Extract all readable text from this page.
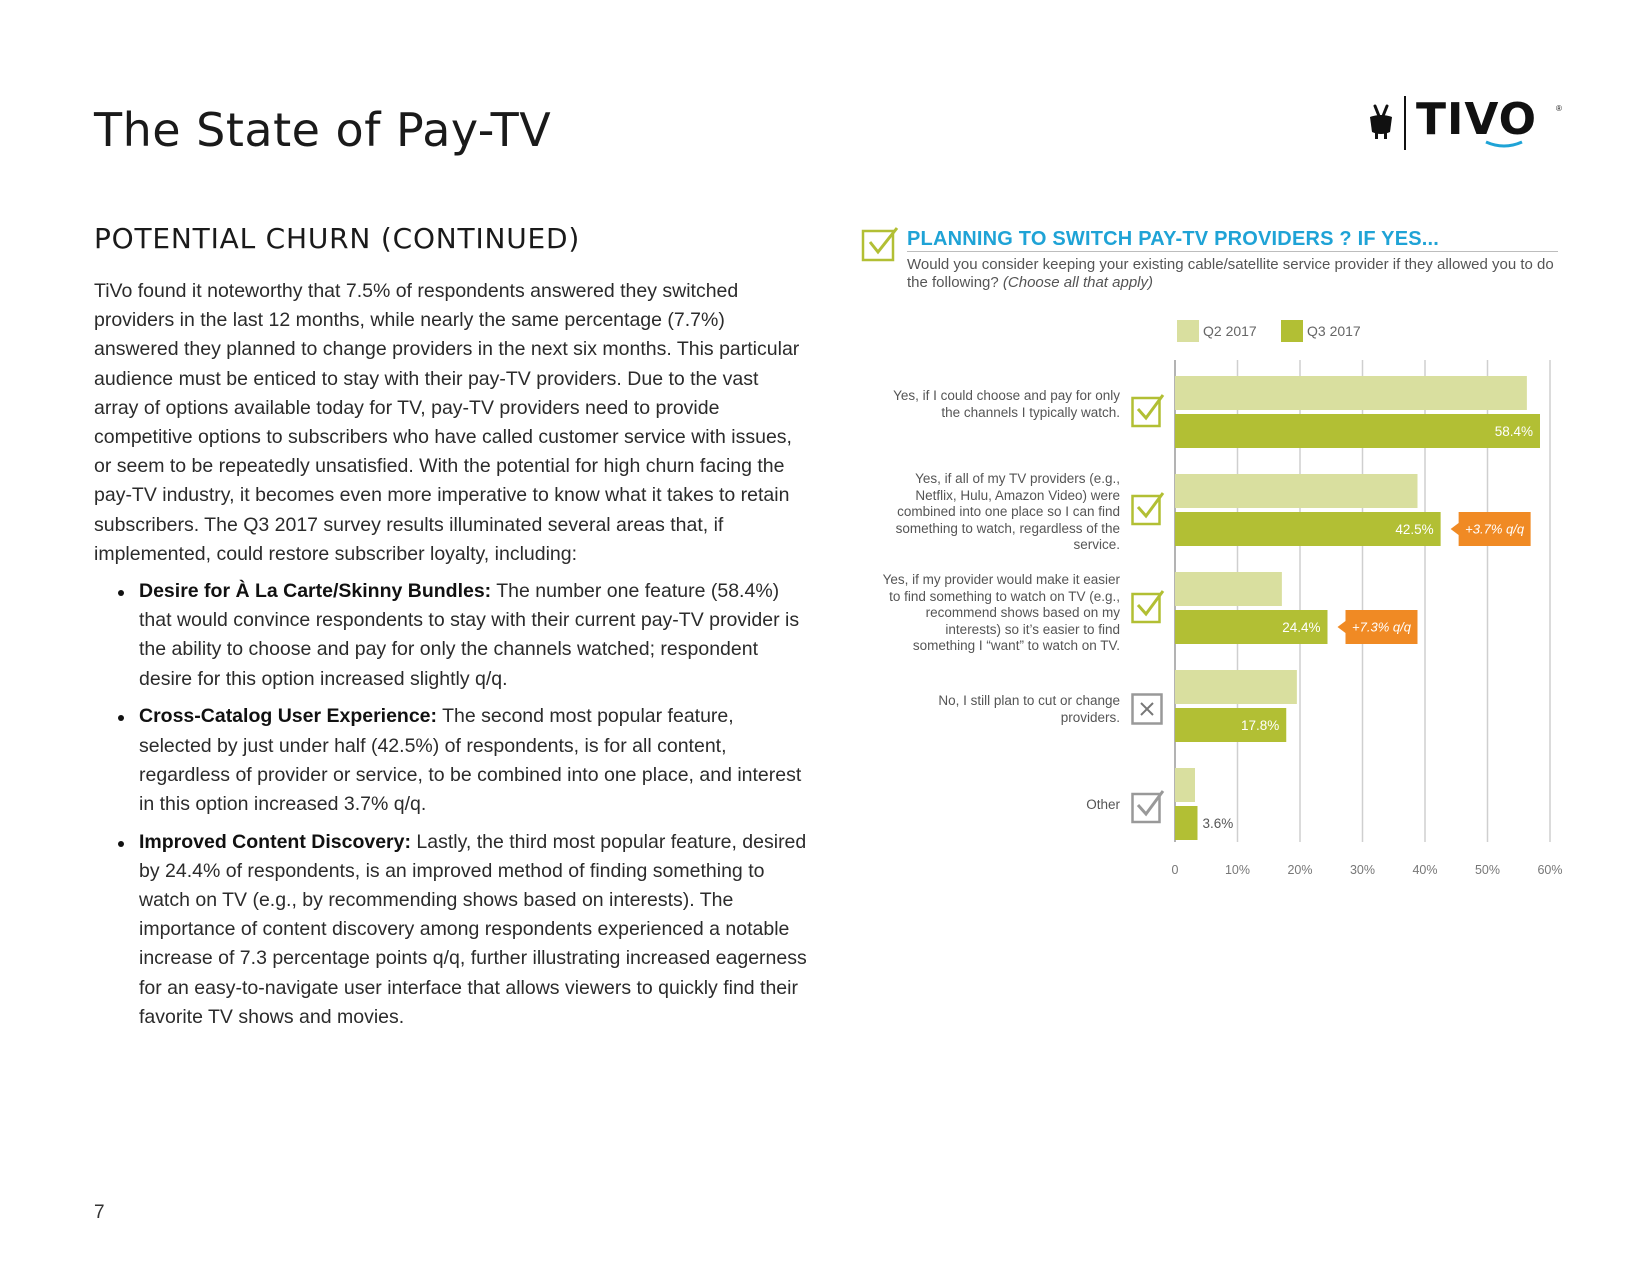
The State of Pay-TV	TIVO ®
POTENTIAL CHURN (CONTINUED)

TiVo found it noteworthy that 7.5% of respondents answered they switched providers in the last 12 months, while nearly the same percentage (7.7%) answered they planned to change providers in the next six months. This particular audience must be enticed to stay with their pay-TV providers. Due to the vast array of options available today for TV, pay-TV providers need to provide competitive options to subscribers who have called customer service with issues, or seem to be repeatedly unsatisfied. With the potential for high churn facing the pay-TV industry, it becomes even more imperative to know what it takes to retain subscribers. The Q3 2017 survey results illuminated several areas that, if implemented, could restore subscriber loyalty, including:

Desire for À La Carte/Skinny Bundles: The number one feature (58.4%) that would convince respondents to stay with their current pay-TV provider is the ability to choose and pay for only the channels watched; respondent desire for this option increased slightly q/q.
Cross-Catalog User Experience: The second most popular feature, selected by just under half (42.5%) of respondents, is for all content, regardless of provider or service, to be combined into one place, and interest in this option increased 3.7% q/q.
Improved Content Discovery: Lastly, the third most popular feature, desired by 24.4% of respondents, is an improved method of finding something to watch on TV (e.g., by recommending shows based on interests). The importance of content discovery among respondents experienced a notable increase of 7.3 percentage points q/q, further illustrating increased eagerness for an easy-to-navigate user interface that allows viewers to quickly find their favorite TV shows and movies.
7
PLANNING TO SWITCH PAY-TV PROVIDERS ? IF YES...
Would you consider keeping your existing cable/satellite service provider if they allowed you to do the following? (Choose all that apply)
Q2 2017	Q3 2017
Yes, if I could choose and pay for only the channels I typically watch.
Yes, if all of my TV providers (e.g., Netflix, Hulu, Amazon Video) were combined into one place so I can find something to watch, regardless of the service.
Yes, if my provider would make it easier to find something to watch on TV (e.g., recommend shows based on my interests) so it’s easier to find something I “want” to watch on TV.
No, I still plan to cut or change providers.
Other
0	10%	20%	30%	40%	50%	60%
58.4%
42.5%
24.4%
17.8%
3.6%
+3.7% q/q
+7.3% q/q
